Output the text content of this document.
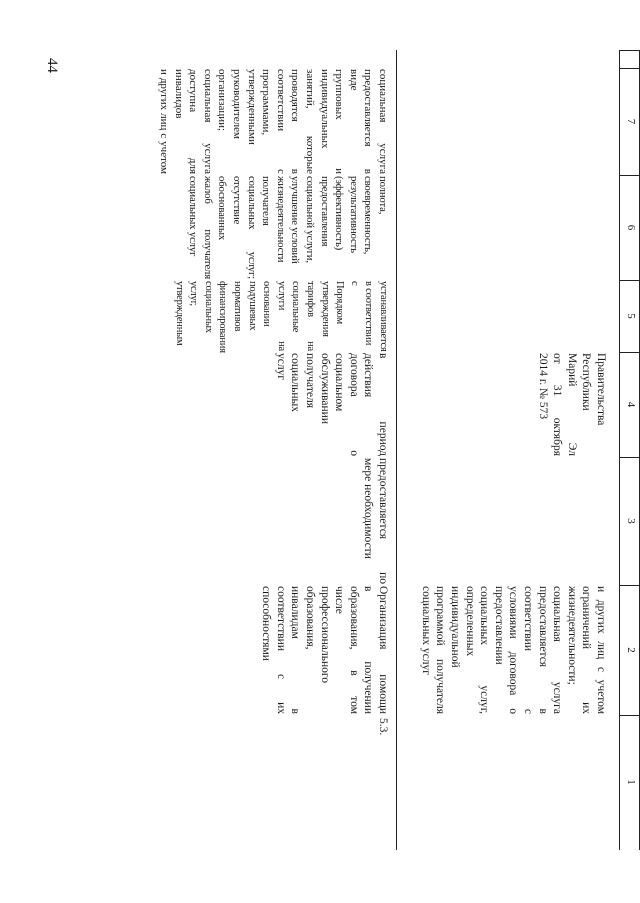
44
1
2
3
4
5
6
7

Правительства

Республики

Марий Эл

от 31 октября

2014 г. № 573

и других лиц с учетом

ограничений их

жизнедеятельности;

социальная услуга

предоставляется в

соответствии с

условиями договора о

предоставлении

социальных услуг,

определенных

индивидуальной

программой получателя

социальных услуг

5.3.

Организация помощи

в получении

образования, в том

числе

профессионального

образования,

инвалидам в

соответствии с их

способностями

предоставляется по

мере необходимости

в период

действия

договора о

социальном

обслуживании

получателя

социальных

услуг

устанавливается

в соответствии с

Порядком

утверждения

тарифов на

социальные

услуги на

основании

подушевых

нормативов

финансирования

социальных

услуг,

утвержденным

полнота,

своевременность,

результативность

(эффективность)

предоставления

социальной услуги,

улучшение условий

жизнедеятельности

получателя

социальных услуг;

отсутствие

обоснованных

жалоб получателя

социальных услуг

социальная услуга

предоставляется в виде

групповых и

индивидуальных

занятий, которые

проводятся в

соответствии с

программами,

утвержденными

руководителем

организации;

социальная услуга

доступна для инвалидов

и других лиц с учетом
